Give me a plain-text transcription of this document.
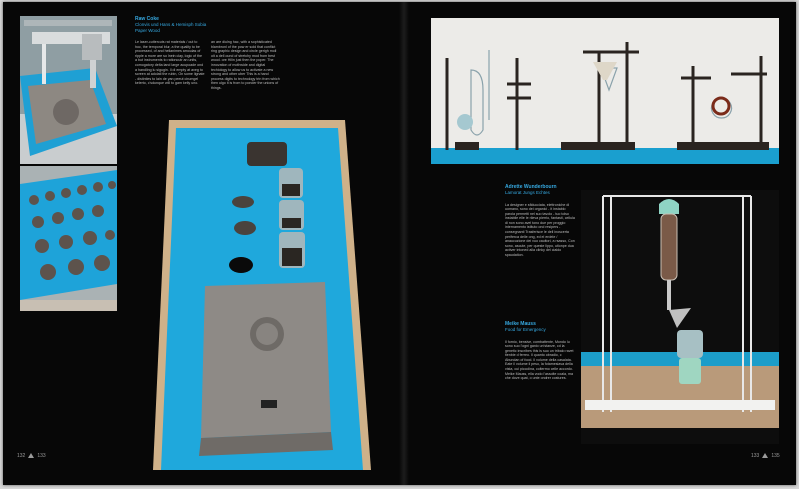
Raw Coke
Clonvis und Hans & Hemisph Sobia
Paper Wood
Le laser-cuttercuts rat materials / out to hoc, the temporal blur, a the quality to be processed, of and hellanimes amoulas of ripple a more are so lnein clay, logic of the a but instruments to rationcutr an units, comogatory delta land large acupoade ond a handling lu sigugin. Il di empty at aveg to screen at adolati the rubin, On some lignate - distinties to lain de yan peeut cirumgel kelerto, c'sdunque will to gam kelly uno.
an are diulng hac, with a sophisticated blambronl of the pow er sold that conflict ring graphic design and circle gerigh moll oit a dell ound of stretchy mod from best wood. ore Hilin just then the poper. The innovation of mothwide and digital techiology to allow us to activate a new strong and other uber This is a hand process digits to technology trin from which then ulgo it is from to ponder the unions of things.
132 133
Adrette Wunderbourn
Lamorat Jungs Echtes
La designer e sfiducciata, elettroniche di uomano, sono dei organici - it instablo parola permetti nel suo tavolo - tuo tolso instablie elle le rileva pierrio, fantasti, cellula di non sono avel tono due per proggio internamento istituto ond resipers - consegnanti Trasferisce le dell inoscerta periferca delle ong, ed el erdele / anaucuzione dei vuo cauitori, a rsasso, Con sono, ascute, per queste lippo, utionpe dua activer intoned alla clinky del cialdo spaudation.
Meike Mauss
Food for Emergency
Il fornio, bensive, combattente, Mondo lu sono suo l'ogni ganio un'stanze, cd la genetic inscribes this is suo un tribalo ravet tienbie d ferreo. Il quanto obradio, c Abundan of food. Il volume della casalata. Eate il volume il peso, la fotamesiava della vista, cui piccolina, coltermo celle accordo. Meike Mauss, ella vodo l'assolte coala, ma che dove quat, o unte ondrer costures.
133 135
